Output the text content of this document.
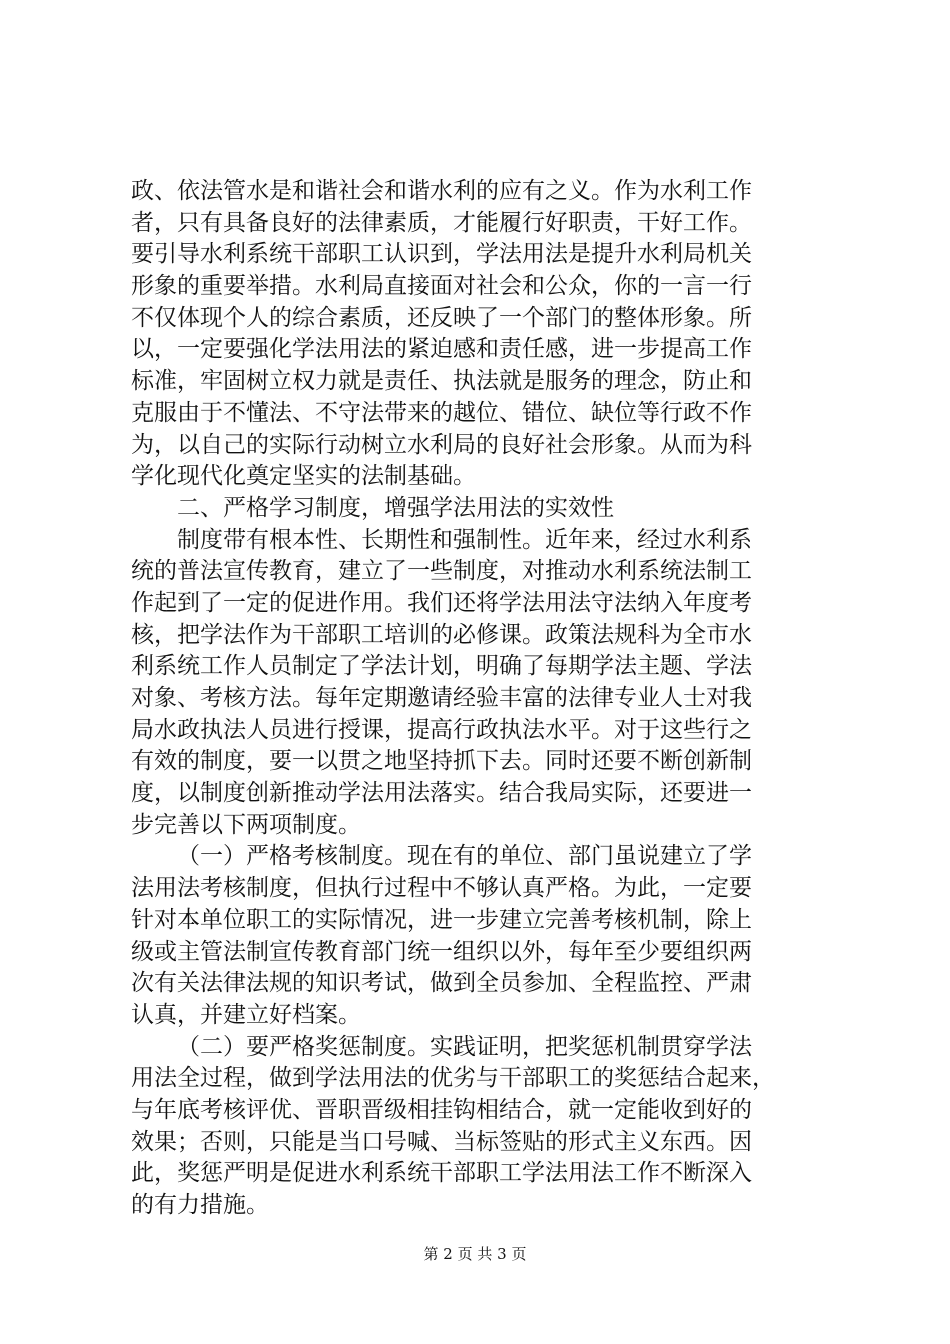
政、依法管水是和谐社会和谐水利的应有之义。作为水利工作
者，只有具备良好的法律素质，才能履行好职责，干好工作。
要引导水利系统干部职工认识到，学法用法是提升水利局机关
形象的重要举措。水利局直接面对社会和公众，你的一言一行
不仅体现个人的综合素质，还反映了一个部门的整体形象。所
以，一定要强化学法用法的紧迫感和责任感，进一步提高工作
标准，牢固树立权力就是责任、执法就是服务的理念，防止和
克服由于不懂法、不守法带来的越位、错位、缺位等行政不作
为，以自己的实际行动树立水利局的良好社会形象。从而为科
学化现代化奠定坚实的法制基础。
二、严格学习制度，增强学法用法的实效性
制度带有根本性、长期性和强制性。近年来，经过水利系
统的普法宣传教育，建立了一些制度，对推动水利系统法制工
作起到了一定的促进作用。我们还将学法用法守法纳入年度考
核，把学法作为干部职工培训的必修课。政策法规科为全市水
利系统工作人员制定了学法计划，明确了每期学法主题、学法
对象、考核方法。每年定期邀请经验丰富的法律专业人士对我
局水政执法人员进行授课，提高行政执法水平。对于这些行之
有效的制度，要一以贯之地坚持抓下去。同时还要不断创新制
度，以制度创新推动学法用法落实。结合我局实际，还要进一
步完善以下两项制度。
（一）严格考核制度。现在有的单位、部门虽说建立了学
法用法考核制度，但执行过程中不够认真严格。为此，一定要
针对本单位职工的实际情况，进一步建立完善考核机制，除上
级或主管法制宣传教育部门统一组织以外，每年至少要组织两
次有关法律法规的知识考试，做到全员参加、全程监控、严肃
认真，并建立好档案。
（二）要严格奖惩制度。实践证明，把奖惩机制贯穿学法
用法全过程，做到学法用法的优劣与干部职工的奖惩结合起来，
与年底考核评优、晋职晋级相挂钩相结合，就一定能收到好的
效果；否则，只能是当口号喊、当标签贴的形式主义东西。因
此，奖惩严明是促进水利系统干部职工学法用法工作不断深入
的有力措施。
第 2 页 共 3 页
